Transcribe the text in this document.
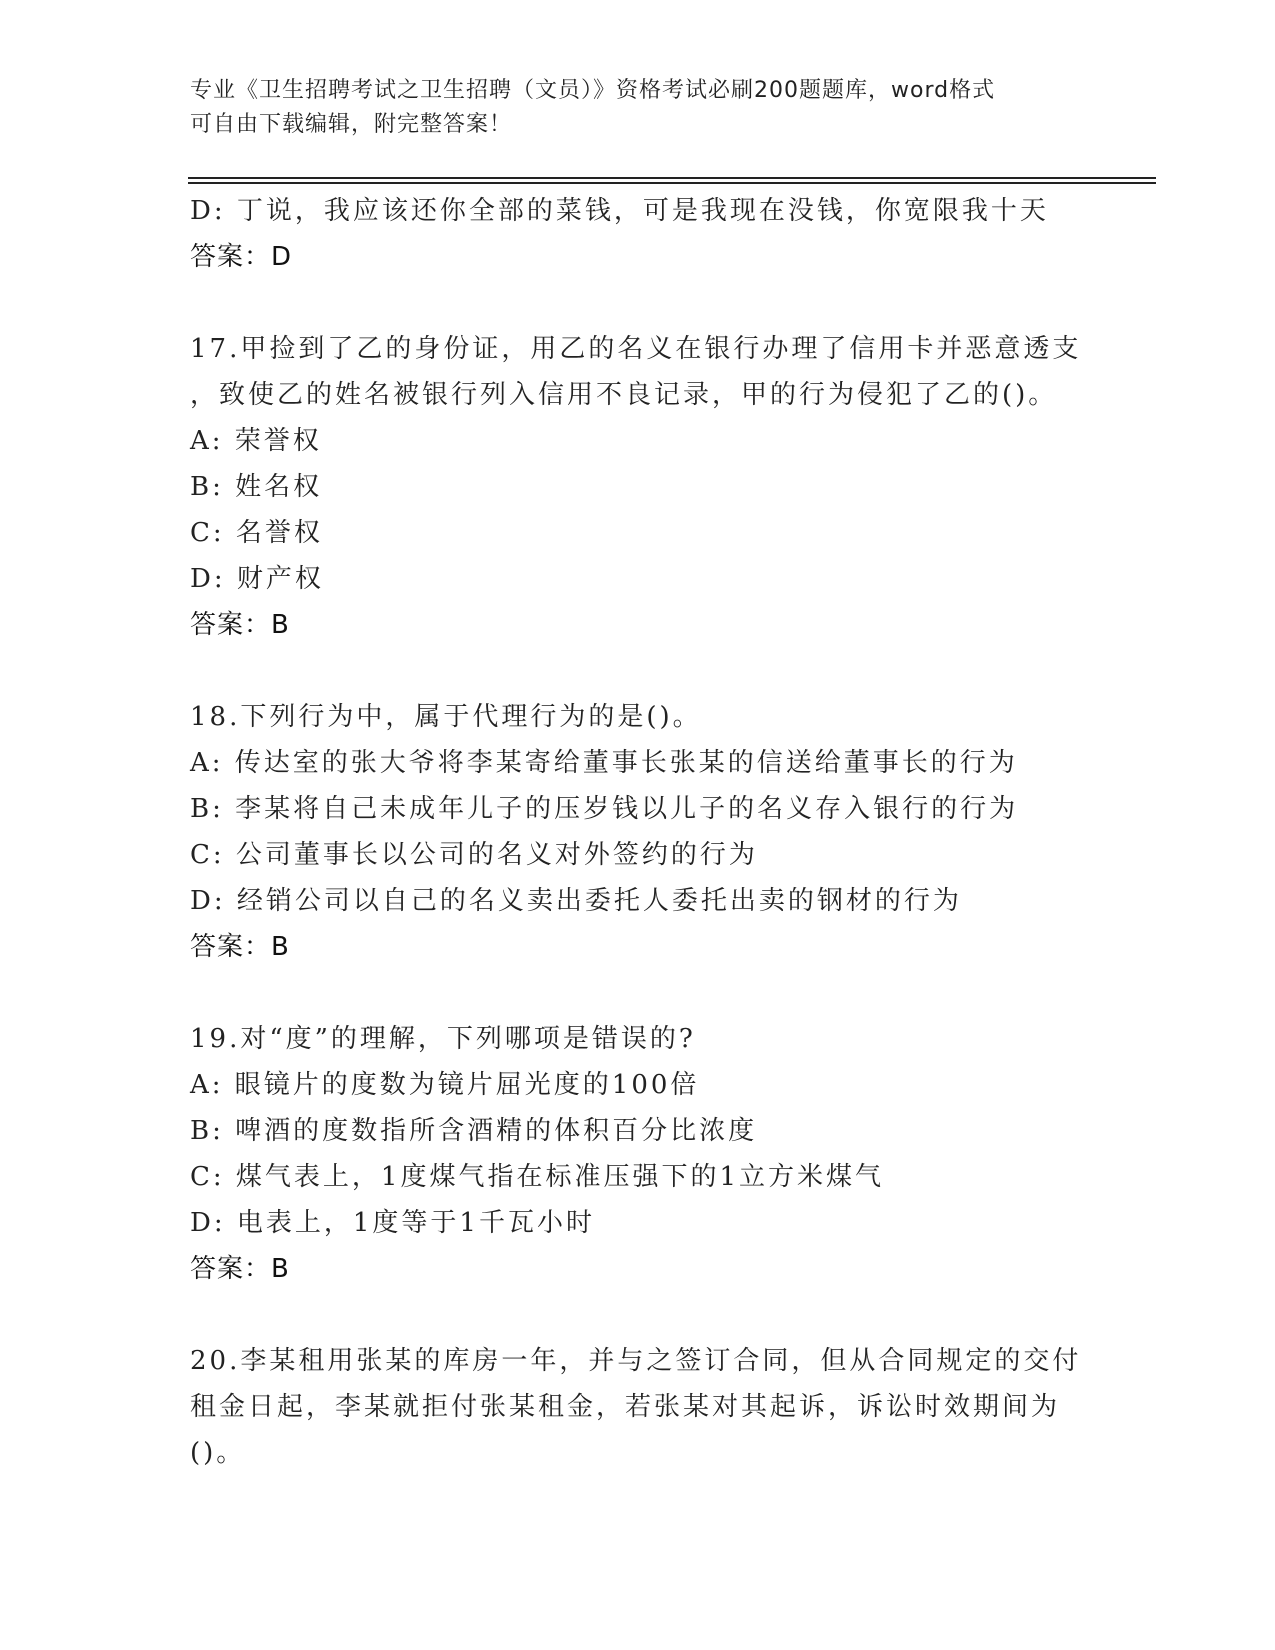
专业《卫生招聘考试之卫生招聘（文员）》资格考试必刷200题题库，word格式
可自由下载编辑，附完整答案！
D: 丁说，我应该还你全部的菜钱，可是我现在没钱，你宽限我十天
答案：D
17.甲捡到了乙的身份证，用乙的名义在银行办理了信用卡并恶意透支
，致使乙的姓名被银行列入信用不良记录，甲的行为侵犯了乙的()。
A: 荣誉权
B: 姓名权
C: 名誉权
D: 财产权
答案：B
18.下列行为中，属于代理行为的是()。
A: 传达室的张大爷将李某寄给董事长张某的信送给董事长的行为
B: 李某将自己未成年儿子的压岁钱以儿子的名义存入银行的行为
C: 公司董事长以公司的名义对外签约的行为
D: 经销公司以自己的名义卖出委托人委托出卖的钢材的行为
答案：B
19.对“度”的理解，下列哪项是错误的?
A: 眼镜片的度数为镜片屈光度的100倍
B: 啤酒的度数指所含酒精的体积百分比浓度
C: 煤气表上，1度煤气指在标准压强下的1立方米煤气
D: 电表上，1度等于1千瓦小时
答案：B
20.李某租用张某的库房一年，并与之签订合同，但从合同规定的交付
租金日起，李某就拒付张某租金，若张某对其起诉，诉讼时效期间为
()。
